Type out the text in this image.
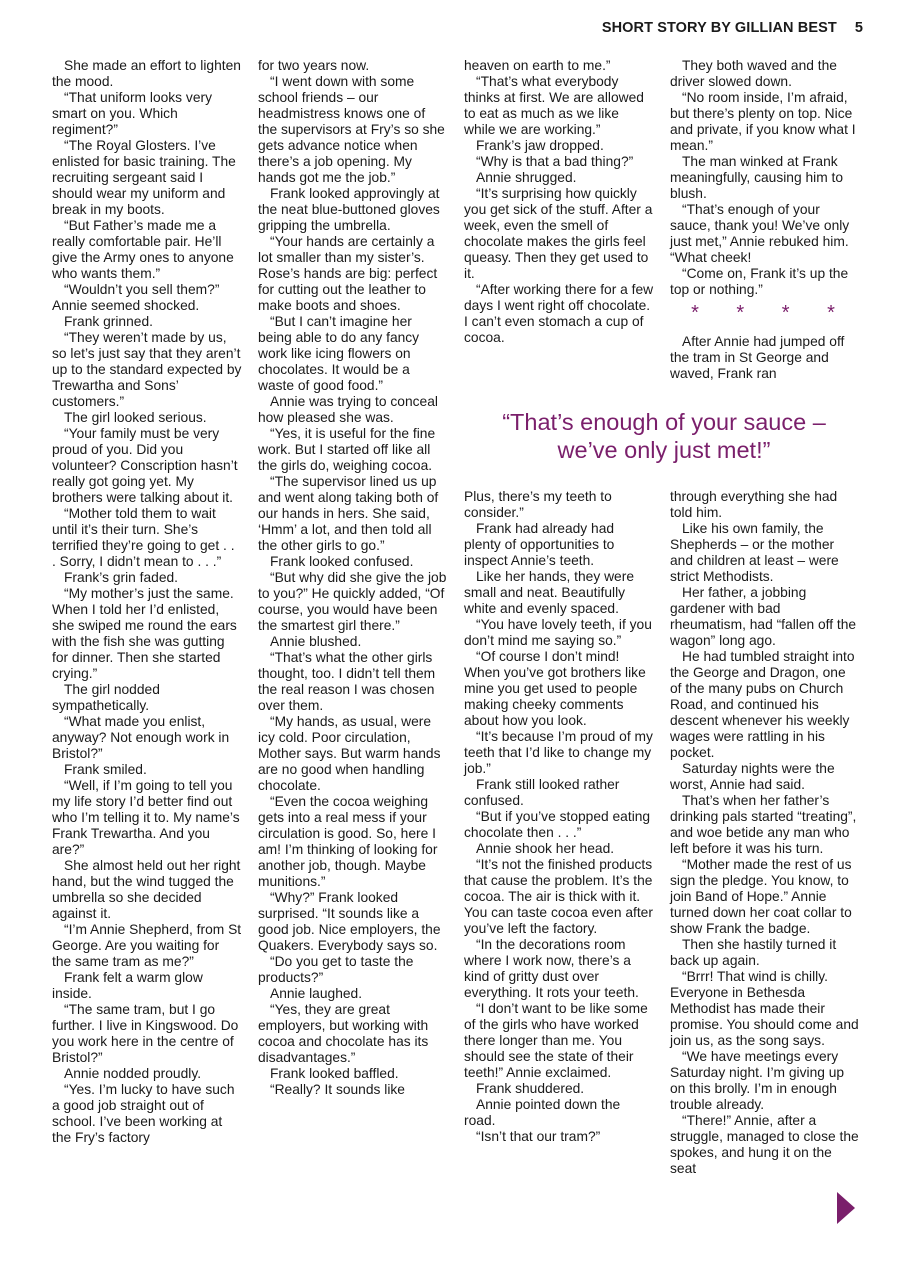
SHORT STORY BY GILLIAN BEST 5

She made an effort to lighten the mood.

“That uniform looks very smart on you. Which regiment?”

“The Royal Glosters. I’ve enlisted for basic training. The recruiting sergeant said I should wear my uniform and break in my boots.

“But Father’s made me a really comfortable pair. He’ll give the Army ones to anyone who wants them.”

“Wouldn’t you sell them?” Annie seemed shocked.

Frank grinned.

“They weren’t made by us, so let’s just say that they aren’t up to the standard expected by Trewartha and Sons’ customers.”

The girl looked serious.

“Your family must be very proud of you. Did you volunteer? Conscription hasn’t really got going yet. My brothers were talking about it.

“Mother told them to wait until it’s their turn. She’s terrified they’re going to get . . . Sorry, I didn’t mean to . . .”

Frank’s grin faded.

“My mother’s just the same. When I told her I’d enlisted, she swiped me round the ears with the fish she was gutting for dinner. Then she started crying.”

The girl nodded sympathetically.

“What made you enlist, anyway? Not enough work in Bristol?”

Frank smiled.

“Well, if I’m going to tell you my life story I’d better find out who I’m telling it to. My name’s Frank Trewartha. And you are?”

She almost held out her right hand, but the wind tugged the umbrella so she decided against it.

“I’m Annie Shepherd, from St George. Are you waiting for the same tram as me?”

Frank felt a warm glow inside.

“The same tram, but I go further. I live in Kingswood. Do you work here in the centre of Bristol?”

Annie nodded proudly.

“Yes. I’m lucky to have such a good job straight out of school. I’ve been working at the Fry’s factory

for two years now.

“I went down with some school friends – our headmistress knows one of the supervisors at Fry’s so she gets advance notice when there’s a job opening. My hands got me the job.”

Frank looked approvingly at the neat blue-buttoned gloves gripping the umbrella.

“Your hands are certainly a lot smaller than my sister’s. Rose’s hands are big: perfect for cutting out the leather to make boots and shoes.

“But I can’t imagine her being able to do any fancy work like icing flowers on chocolates. It would be a waste of good food.”

Annie was trying to conceal how pleased she was.

“Yes, it is useful for the fine work. But I started off like all the girls do, weighing cocoa.

“The supervisor lined us up and went along taking both of our hands in hers. She said, ‘Hmm’ a lot, and then told all the other girls to go.”

Frank looked confused.

“But why did she give the job to you?” He quickly added, “Of course, you would have been the smartest girl there.”

Annie blushed.

“That’s what the other girls thought, too. I didn’t tell them the real reason I was chosen over them.

“My hands, as usual, were icy cold. Poor circulation, Mother says. But warm hands are no good when handling chocolate.

“Even the cocoa weighing gets into a real mess if your circulation is good. So, here I am! I’m thinking of looking for another job, though. Maybe munitions.”

“Why?” Frank looked surprised. “It sounds like a good job. Nice employers, the Quakers. Everybody says so.

“Do you get to taste the products?”

Annie laughed.

“Yes, they are great employers, but working with cocoa and chocolate has its disadvantages.”

Frank looked baffled.

“Really? It sounds like

heaven on earth to me.”

“That’s what everybody thinks at first. We are allowed to eat as much as we like while we are working.”

Frank’s jaw dropped.

“Why is that a bad thing?”

Annie shrugged.

“It’s surprising how quickly you get sick of the stuff. After a week, even the smell of chocolate makes the girls feel queasy. Then they get used to it.

“After working there for a few days I went right off chocolate. I can’t even stomach a cup of cocoa.

They both waved and the driver slowed down.

“No room inside, I’m afraid, but there’s plenty on top. Nice and private, if you know what I mean.”

The man winked at Frank meaningfully, causing him to blush.

“That’s enough of your sauce, thank you! We’ve only just met,” Annie rebuked him. “What cheek!

“Come on, Frank it’s up the top or nothing.”

* * * *

After Annie had jumped off the tram in St George and waved, Frank ran

“That’s enough of your sauce –
we’ve only just met!”

Plus, there’s my teeth to consider.”

Frank had already had plenty of opportunities to inspect Annie’s teeth.

Like her hands, they were small and neat. Beautifully white and evenly spaced.

“You have lovely teeth, if you don’t mind me saying so.”

“Of course I don’t mind! When you’ve got brothers like mine you get used to people making cheeky comments about how you look.

“It’s because I’m proud of my teeth that I’d like to change my job.”

Frank still looked rather confused.

“But if you’ve stopped eating chocolate then . . .”

Annie shook her head.

“It’s not the finished products that cause the problem. It’s the cocoa. The air is thick with it. You can taste cocoa even after you’ve left the factory.

“In the decorations room where I work now, there’s a kind of gritty dust over everything. It rots your teeth.

“I don’t want to be like some of the girls who have worked there longer than me. You should see the state of their teeth!” Annie exclaimed.

Frank shuddered.

Annie pointed down the road.

“Isn’t that our tram?”

through everything she had told him.

Like his own family, the Shepherds – or the mother and children at least – were strict Methodists.

Her father, a jobbing gardener with bad rheumatism, had “fallen off the wagon” long ago.

He had tumbled straight into the George and Dragon, one of the many pubs on Church Road, and continued his descent whenever his weekly wages were rattling in his pocket.

Saturday nights were the worst, Annie had said.

That’s when her father’s drinking pals started “treating”, and woe betide any man who left before it was his turn.

“Mother made the rest of us sign the pledge. You know, to join Band of Hope.” Annie turned down her coat collar to show Frank the badge.

Then she hastily turned it back up again.

“Brrr! That wind is chilly. Everyone in Bethesda Methodist has made their promise. You should come and join us, as the song says.

“We have meetings every Saturday night. I’m giving up on this brolly. I’m in enough trouble already.

“There!” Annie, after a struggle, managed to close the spokes, and hung it on the seat
